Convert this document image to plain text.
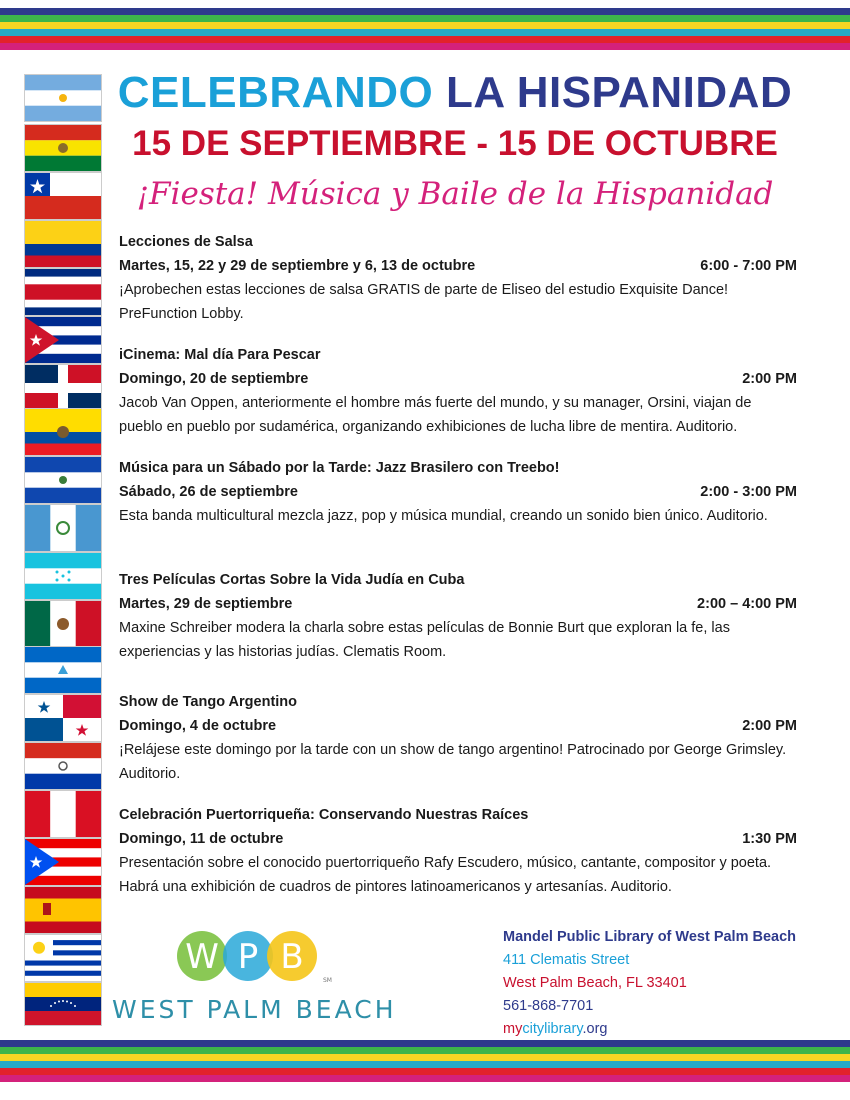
CELEBRANDO LA HISPANIDAD
15 DE SEPTIEMBRE - 15 DE OCTUBRE
¡Fiesta! Música y Baile de la Hispanidad
Lecciones de Salsa
Martes, 15, 22 y 29 de septiembre y 6, 13 de octubre	6:00 - 7:00 PM
¡Aprobechen estas lecciones de salsa GRATIS de parte de Eliseo del estudio Exquisite Dance! PreFunction Lobby.
iCinema: Mal día Para Pescar
Domingo, 20 de septiembre	2:00 PM
Jacob Van Oppen, anteriormente el hombre más fuerte del mundo, y su manager, Orsini, viajan de pueblo en pueblo por sudamérica, organizando exhibiciones de lucha libre de mentira. Auditorio.
Música para un Sábado por la Tarde: Jazz Brasilero con Treebo!
Sábado, 26 de septiembre	2:00 - 3:00 PM
Esta banda multicultural mezcla jazz, pop y música mundial, creando un sonido bien único. Auditorio.
Tres Películas Cortas Sobre la Vida Judía en Cuba
Martes, 29 de septiembre	2:00 – 4:00 PM
Maxine Schreiber modera la charla sobre estas películas de Bonnie Burt que exploran la fe, las experiencias y las historias judías. Clematis Room.
Show de Tango Argentino
Domingo, 4 de octubre	2:00 PM
¡Relájese este domingo por la tarde con un show de tango argentino! Patrocinado por George Grimsley. Auditorio.
Celebración Puertorriqueña: Conservando Nuestras Raíces
Domingo, 11 de octubre	1:30 PM
Presentación sobre el conocido puertorriqueño Rafy Escudero, músico, cantante, compositor y poeta. Habrá una exhibición de cuadros de pintores latinoamericanos y artesanías. Auditorio.
W P B
SM
WEST PALM BEACH
Mandel Public Library of West Palm Beach
411 Clematis Street
West Palm Beach, FL 33401
561-868-7701
mycitylibrary.org
